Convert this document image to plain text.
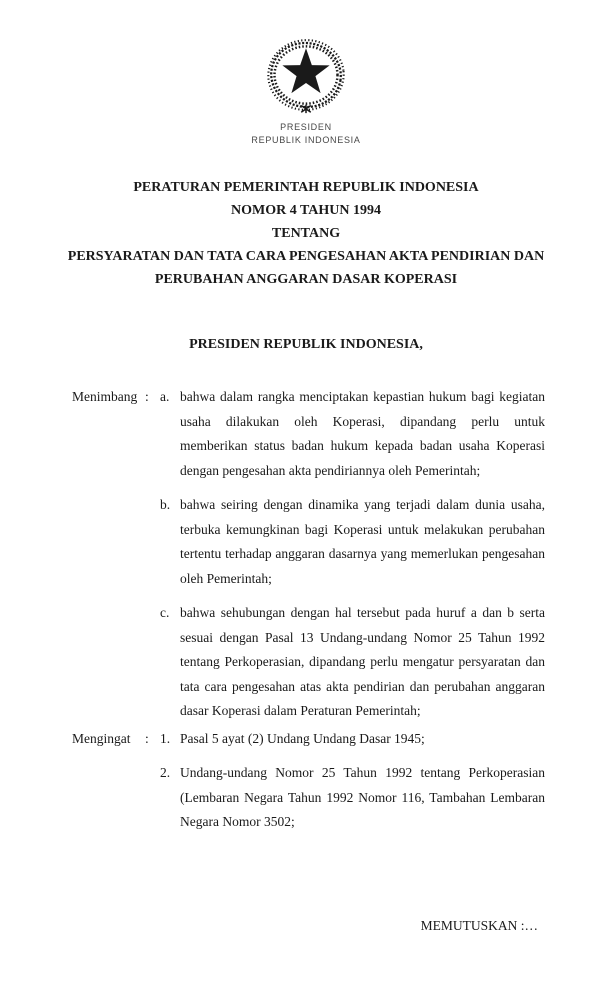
PRESIDEN
REPUBLIK INDONESIA
PERATURAN PEMERINTAH REPUBLIK INDONESIA
NOMOR 4 TAHUN 1994
TENTANG
PERSYARATAN DAN TATA CARA PENGESAHAN AKTA PENDIRIAN DAN
PERUBAHAN ANGGARAN DASAR KOPERASI
PRESIDEN REPUBLIK INDONESIA,
Menimbang : a. bahwa dalam rangka menciptakan kepastian hukum bagi kegiatan usaha dilakukan oleh Koperasi, dipandang perlu untuk memberikan status badan hukum kepada badan usaha Koperasi dengan pengesahan akta pendiriannya oleh Pemerintah;
b. bahwa seiring dengan dinamika yang terjadi dalam dunia usaha, terbuka kemungkinan bagi Koperasi untuk melakukan perubahan tertentu terhadap anggaran dasarnya yang memerlukan pengesahan oleh Pemerintah;
c. bahwa sehubungan dengan hal tersebut pada huruf a dan b serta sesuai dengan Pasal 13 Undang-undang Nomor 25 Tahun 1992 tentang Perkoperasian, dipandang perlu mengatur persyaratan dan tata cara pengesahan atas akta pendirian dan perubahan anggaran dasar Koperasi dalam Peraturan Pemerintah;
Mengingat	: 1. Pasal 5 ayat (2) Undang Undang Dasar 1945;
2. Undang-undang Nomor 25 Tahun 1992 tentang Perkoperasian (Lembaran Negara Tahun 1992 Nomor 116, Tambahan Lembaran Negara Nomor 3502;
MEMUTUSKAN :…
